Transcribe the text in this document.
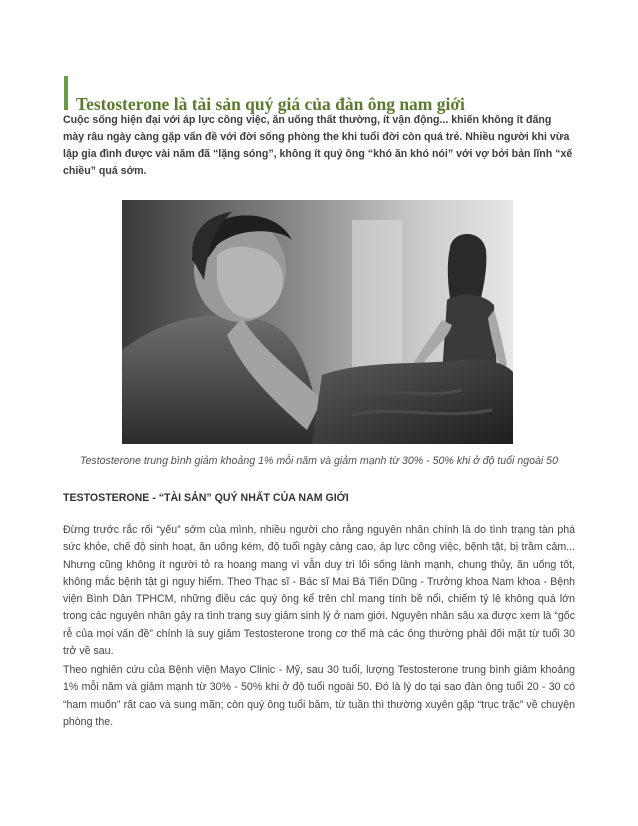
Testosterone là tài sản quý giá của đàn ông nam giới

Cuộc sống hiện đại với áp lực công việc, ăn uống thất thường, ít vận động... khiến không ít đấng mày râu ngày càng gặp vấn đề với đời sống phòng the khi tuổi đời còn quá trẻ. Nhiều người khi vừa lập gia đình được vài năm đã “lặng sóng”, không ít quý ông “khó ăn khó nói” với vợ bởi bản lĩnh “xế chiều” quá sớm.

Testosterone trung bình giảm khoảng 1% mỗi năm và giảm mạnh từ 30% - 50% khi ở độ tuổi ngoài 50

TESTOSTERONE - “TÀI SẢN” QUÝ NHẤT CỦA NAM GIỚI

Đừng trước rắc rối “yếu” sớm của mình, nhiều người cho rằng nguyên nhân chính là do tình trạng tàn phá sức khỏe, chế độ sinh hoạt, ăn uống kém, độ tuổi ngày càng cao, áp lực công việc, bệnh tật, bị trầm cảm... Nhưng cũng không ít người tỏ ra hoang mang vì vẫn duy trì lối sống lành mạnh, chung thủy, ăn uống tốt, không mắc bệnh tật gì nguy hiểm. Theo Thạc sĩ - Bác sĩ Mai Bá Tiến Dũng - Trưởng khoa Nam khoa - Bệnh viện Bình Dân TPHCM, những điều các quý ông kể trên chỉ mang tính bề nổi, chiếm tỷ lệ không quá lớn trong các nguyên nhân gây ra tình trạng suy giảm sinh lý ở nam giới. Nguyên nhân sâu xa được xem là “gốc rễ của mọi vấn đề” chính là suy giảm Testosterone trong cơ thể mà các ông thường phải đối mặt từ tuổi 30 trở về sau.

Theo nghiên cứu của Bệnh viện Mayo Clinic - Mỹ, sau 30 tuổi, lượng Testosterone trung bình giảm khoảng 1% mỗi năm và giảm mạnh từ 30% - 50% khi ở độ tuổi ngoài 50. Đó là lý do tại sao đàn ông tuổi 20 - 30 có “ham muốn” rất cao và sung mãn; còn quý ông tuổi băm, từ tuần thì thường xuyên gặp “trục trặc” về chuyện phòng the.
